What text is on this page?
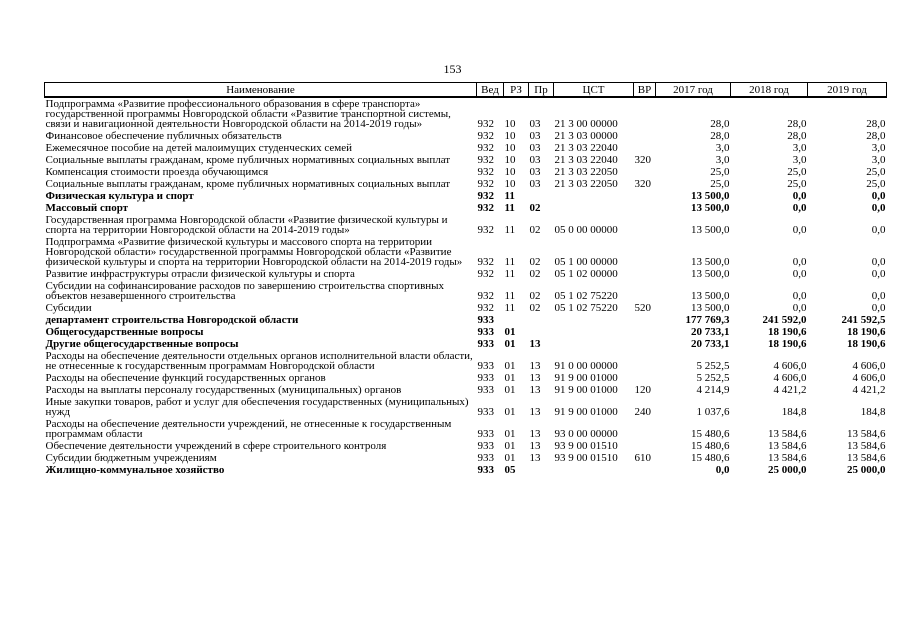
153
Наименование	Вед	РЗ	Пр	ЦСТ	ВР	2017 год	2018 год	2019 год
Подпрограмма «Развитие профессионального образования в сфере транспорта» государственной программы Новгородской области «Развитие транспортной системы, связи и навигационной деятельности Новгородской области на 2014-2019 годы»	932	10	03	21 3 00 00000		28,0	28,0	28,0
Финансовое обеспечение публичных обязательств	932	10	03	21 3 03 00000		28,0	28,0	28,0
Ежемесячное пособие на детей малоимущих студенческих семей	932	10	03	21 3 03 22040		3,0	3,0	3,0
Социальные выплаты гражданам, кроме публичных нормативных социальных выплат	932	10	03	21 3 03 22040	320	3,0	3,0	3,0
Компенсация стоимости проезда обучающимся	932	10	03	21 3 03 22050		25,0	25,0	25,0
Социальные выплаты гражданам, кроме публичных нормативных социальных выплат	932	10	03	21 3 03 22050	320	25,0	25,0	25,0
Физическая культура и спорт	932	11				13 500,0	0,0	0,0
Массовый спорт	932	11	02			13 500,0	0,0	0,0
Государственная программа Новгородской области «Развитие физической культуры и спорта на территории Новгородской области на 2014-2019 годы»	932	11	02	05 0 00 00000		13 500,0	0,0	0,0
Подпрограмма «Развитие физической культуры и массового спорта на территории Новгородской области» государственной программы Новгородской области «Развитие физической культуры и спорта на территории Новгородской области на 2014-2019 годы»	932	11	02	05 1 00 00000		13 500,0	0,0	0,0
Развитие инфраструктуры отрасли физической культуры и спорта	932	11	02	05 1 02 00000		13 500,0	0,0	0,0
Субсидии на софинансирование расходов по завершению строительства спортивных объектов незавершенного строительства	932	11	02	05 1 02 75220		13 500,0	0,0	0,0
Субсидии	932	11	02	05 1 02 75220	520	13 500,0	0,0	0,0
департамент строительства Новгородской области	933					177 769,3	241 592,0	241 592,5
Общегосударственные вопросы	933	01				20 733,1	18 190,6	18 190,6
Другие общегосударственные вопросы	933	01	13			20 733,1	18 190,6	18 190,6
Расходы на обеспечение деятельности отдельных органов исполнительной власти области, не отнесенные к государственным программам Новгородской области	933	01	13	91 0 00 00000		5 252,5	4 606,0	4 606,0
Расходы на обеспечение функций государственных органов	933	01	13	91 9 00 01000		5 252,5	4 606,0	4 606,0
Расходы на выплаты персоналу государственных (муниципальных) органов	933	01	13	91 9 00 01000	120	4 214,9	4 421,2	4 421,2
Иные закупки товаров, работ и услуг для обеспечения государственных (муниципальных) нужд	933	01	13	91 9 00 01000	240	1 037,6	184,8	184,8
Расходы на обеспечение деятельности учреждений, не отнесенные к государственным программам области	933	01	13	93 0 00 00000		15 480,6	13 584,6	13 584,6
Обеспечение деятельности учреждений в сфере строительного контроля	933	01	13	93 9 00 01510		15 480,6	13 584,6	13 584,6
Субсидии бюджетным учреждениям	933	01	13	93 9 00 01510	610	15 480,6	13 584,6	13 584,6
Жилищно-коммунальное хозяйство	933	05				0,0	25 000,0	25 000,0
